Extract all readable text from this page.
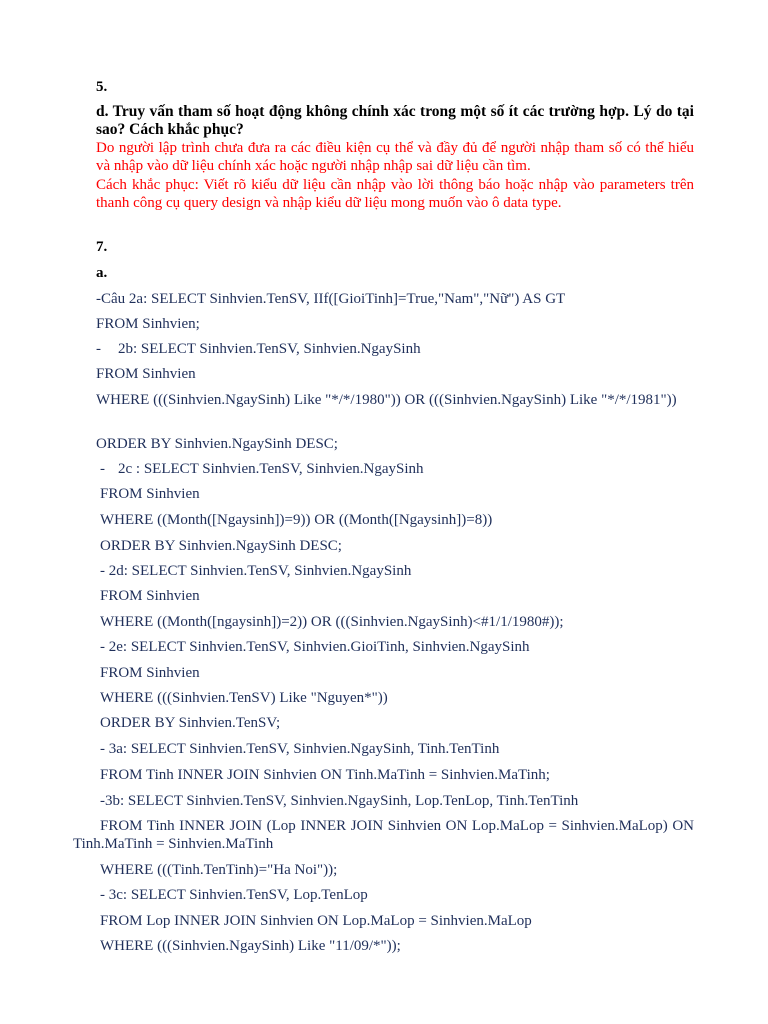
5.

d. Truy vấn tham số hoạt động không chính xác trong một số ít các trường hợp. Lý do tại sao? Cách khắc phục?

Do người lập trình chưa đưa ra các điều kiện cụ thể và đầy đủ để người nhập tham số có thể hiểu và nhập vào dữ liệu chính xác hoặc người nhập nhập sai dữ liệu cần tìm.

Cách khắc phục: Viết rõ kiểu dữ liệu cần nhập vào lời thông báo hoặc nhập vào parameters trên thanh công cụ query design và nhập kiểu dữ liệu mong muốn vào ô data type.

7.

a.

-Câu 2a: SELECT Sinhvien.TenSV, IIf([GioiTinh]=True,"Nam","Nữ") AS GT

FROM Sinhvien;

- 2b: SELECT Sinhvien.TenSV, Sinhvien.NgaySinh

FROM Sinhvien

WHERE (((Sinhvien.NgaySinh) Like "*/*/1980")) OR (((Sinhvien.NgaySinh) Like "*/*/1981"))

ORDER BY Sinhvien.NgaySinh DESC;

- 2c : SELECT Sinhvien.TenSV, Sinhvien.NgaySinh

FROM Sinhvien

WHERE ((Month([Ngaysinh])=9)) OR ((Month([Ngaysinh])=8))

ORDER BY Sinhvien.NgaySinh DESC;

- 2d: SELECT Sinhvien.TenSV, Sinhvien.NgaySinh

FROM Sinhvien

WHERE ((Month([ngaysinh])=2)) OR (((Sinhvien.NgaySinh)<#1/1/1980#));

- 2e: SELECT Sinhvien.TenSV, Sinhvien.GioiTinh, Sinhvien.NgaySinh

FROM Sinhvien

WHERE (((Sinhvien.TenSV) Like "Nguyen*"))

ORDER BY Sinhvien.TenSV;

- 3a: SELECT Sinhvien.TenSV, Sinhvien.NgaySinh, Tinh.TenTinh

FROM Tinh INNER JOIN Sinhvien ON Tinh.MaTinh = Sinhvien.MaTinh;

-3b: SELECT Sinhvien.TenSV, Sinhvien.NgaySinh, Lop.TenLop, Tinh.TenTinh

FROM Tinh INNER JOIN (Lop INNER JOIN Sinhvien ON Lop.MaLop = Sinhvien.MaLop) ON Tinh.MaTinh = Sinhvien.MaTinh

WHERE (((Tinh.TenTinh)="Ha Noi"));

- 3c: SELECT Sinhvien.TenSV, Lop.TenLop

FROM Lop INNER JOIN Sinhvien ON Lop.MaLop = Sinhvien.MaLop

WHERE (((Sinhvien.NgaySinh) Like "11/09/*"));
